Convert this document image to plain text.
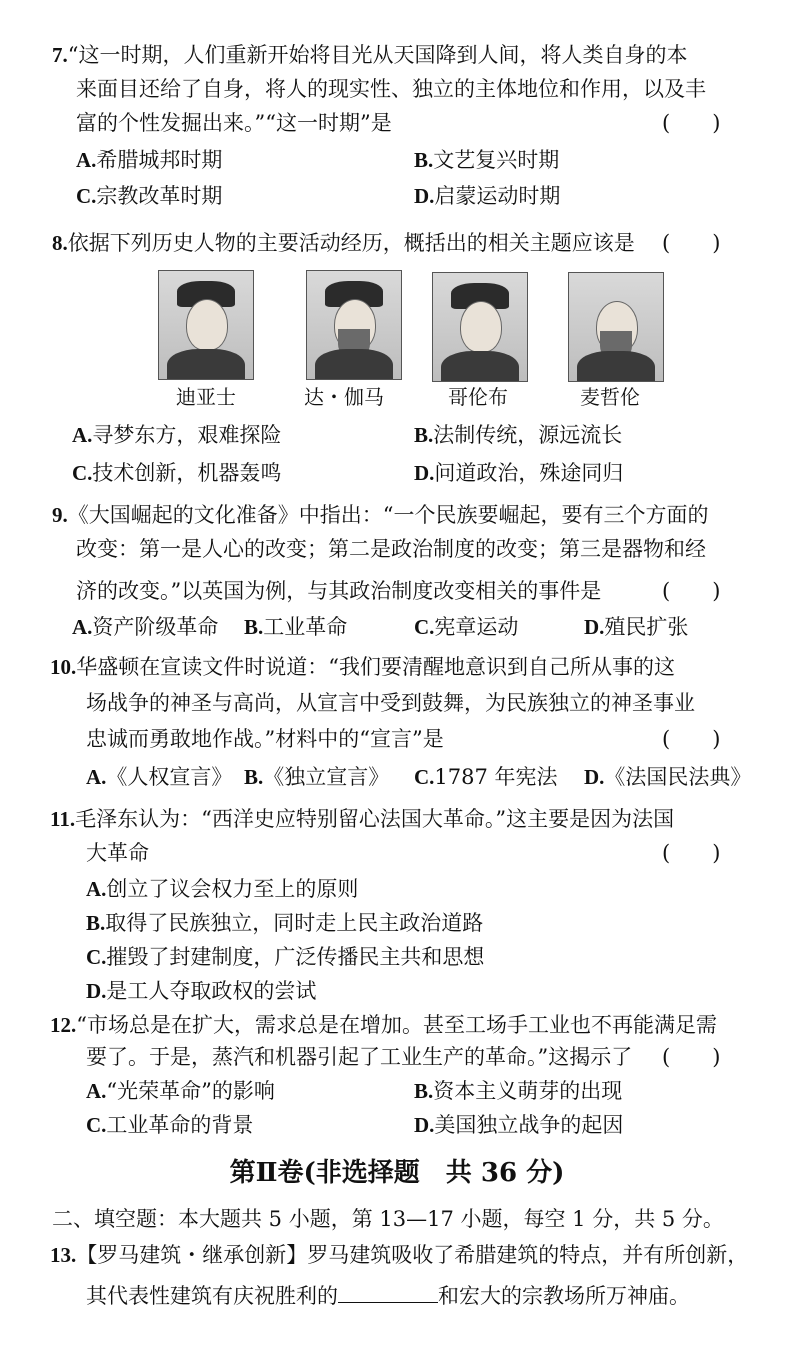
7.“这一时期，人们重新开始将目光从天国降到人间，将人类自身的本
来面目还给了自身，将人的现实性、独立的主体地位和作用，以及丰
富的个性发掘出来。”“这一时期”是	(　　)
A.希腊城邦时期	B.文艺复兴时期
C.宗教改革时期	D.启蒙运动时期
8.依据下列历史人物的主要活动经历，概括出的相关主题应该是 (　　)
迪亚士	达・伽马	哥伦布	麦哲伦
A.寻梦东方，艰难探险	B.法制传统，源远流长
C.技术创新，机器轰鸣	D.问道政治，殊途同归
9.《大国崛起的文化准备》中指出：“一个民族要崛起，要有三个方面的
改变：第一是人心的改变；第二是政治制度的改变；第三是器物和经
济的改变。”以英国为例，与其政治制度改变相关的事件是	(　　)
A.资产阶级革命 B.工业革命	C.宪章运动	D.殖民扩张
10.华盛顿在宣读文件时说道：“我们要清醒地意识到自己所从事的这
场战争的神圣与高尚，从宣言中受到鼓舞，为民族独立的神圣事业
忠诚而勇敢地作战。”材料中的“宣言”是	(　　)
A.《人权宣言》 B.《独立宣言》 C.1787 年宪法 D.《法国民法典》
11.毛泽东认为：“西洋史应特别留心法国大革命。”这主要是因为法国
大革命	(　　)
A.创立了议会权力至上的原则
B.取得了民族独立，同时走上民主政治道路
C.摧毁了封建制度，广泛传播民主共和思想
D.是工人夺取政权的尝试
12.“市场总是在扩大，需求总是在增加。甚至工场手工业也不再能满足需
要了。于是，蒸汽和机器引起了工业生产的革命。”这揭示了 (　　)
A.“光荣革命”的影响	B.资本主义萌芽的出现
C.工业革命的背景	D.美国独立战争的起因
第Ⅱ卷(非选择题　共 36 分)
二、填空题：本大题共 5 小题，第 13—17 小题，每空 1 分，共 5 分。
13.【罗马建筑・继承创新】罗马建筑吸收了希腊建筑的特点，并有所创新，
其代表性建筑有庆祝胜利的	和宏大的宗教场所万神庙。
